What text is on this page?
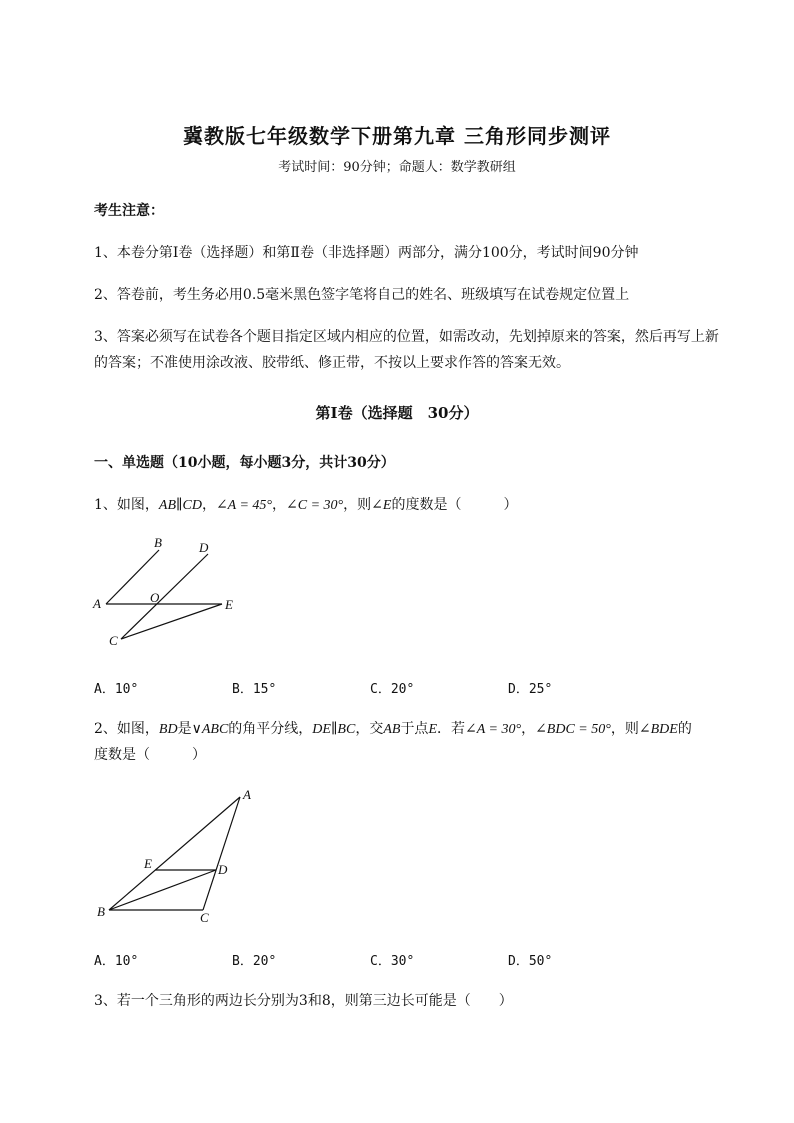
冀教版七年级数学下册第九章 三角形同步测评
考试时间：90分钟；命题人：数学教研组
考生注意：
1、本卷分第I卷（选择题）和第Ⅱ卷（非选择题）两部分，满分100分，考试时间90分钟
2、答卷前，考生务必用0.5毫米黑色签字笔将自己的姓名、班级填写在试卷规定位置上
3、答案必须写在试卷各个题目指定区域内相应的位置，如需改动，先划掉原来的答案，然后再写上新
的答案；不准使用涂改液、胶带纸、修正带，不按以上要求作答的答案无效。
第I卷（选择题　30分）
一、单选题（10小题，每小题3分，共计30分）
1、如图，AB∥CD，∠A = 45°，∠C = 30°，则∠E的度数是（　　　）
A
B
C
D
E
O
A．10°	B．15°	C．20°	D．25°
2、如图，BD是∨ABC的角平分线，DE∥BC，交AB于点E．若∠A = 30°，∠BDC = 50°，则∠BDE的
度数是（　　　）
A
B	C
D
E
A．10°	B．20°	C．30°	D．50°
3、若一个三角形的两边长分别为3和8，则第三边长可能是（　　）
